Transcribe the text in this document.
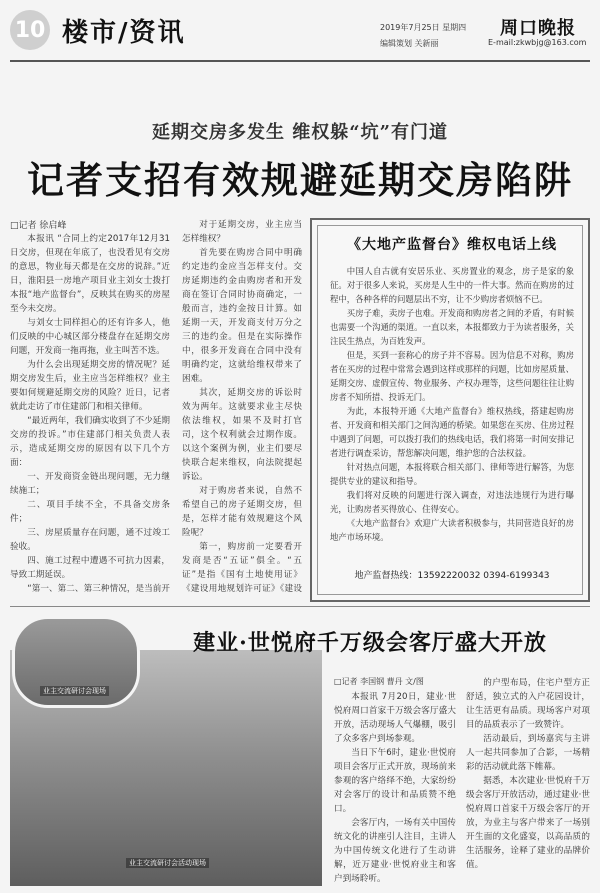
10 楼市/资讯	2019年7月25日 星期四 周口晚报
编辑策划 关新丽	E-mail:zkwbjg@163.com
延期交房多发生 维权躲“坑”有门道
记者支招有效规避延期交房陷阱
□记者 徐启峰

本报讯 “合同上约定2017年12月31日交房，但现在年底了，也没看见有交房的意思，物业每天都是在交房的说辞。”近日，淮阳县一房地产项目业主刘女士拨打本报“地产监督台”，反映其在购买的房屋至今未交房。

与刘女士同样担心的还有许多人，他们反映的中心城区部分楼盘存在延期交房问题，开发商一拖再拖，业主叫苦不迭。

为什么会出现延期交房的情况呢？延期交房发生后，业主应当怎样维权？业主要如何规避延期交房的风险？近日，记者就此走访了市住建部门和相关律师。

“最近两年，我们确实收到了不少延期交房的投诉。”市住建部门相关负责人表示，造成延期交房的原因有以下几个方面：

一、开发商资金链出现问题，无力继续施工；

二、项目手续不全，不具备交房条件；

三、房屋质量存在问题，通不过竣工验收。

四、施工过程中遭遇不可抗力因素，导致工期延误。

“第一、第二、第三种情况，是当前开

对于延期交房，业主应当怎样维权？

首先要在购房合同中明确约定违约金应当怎样支付。交房延期违约金由购房者和开发商在签订合同时协商确定，一般而言，违约金按日计算。如延期一天，开发商支付万分之三的违约金。但是在实际操作中，很多开发商在合同中没有明确约定，这就给维权带来了困难。

其次，延期交房的诉讼时效为两年。这就要求业主尽快依法维权，如果不及时打官司，这个权利就会过期作废。以这个案例为例，业主们要尽快联合起来维权，向法院提起诉讼。

对于购房者来说，自然不希望自己的房子延期交房，但是，怎样才能有效规避这个风险呢？

第一，购房前一定要看开发商是否“五证”俱全。“五证”是指《国有土地使用证》《建设用地规划许可证》《建设

《大地产监督台》维权电话上线

中国人自古就有安居乐业、买房置业的观念，房子是家的象征。对于很多人来说，买房是人生中的一件大事。然而在购房的过程中，各种各样的问题层出不穷，让不少购房者烦恼不已。

买房子难，卖房子也难。开发商和购房者之间的矛盾，有时候也需要一个沟通的渠道。一直以来，本报都致力于为读者服务，关注民生热点，为百姓发声。

但是，买到一套称心的房子并不容易。因为信息不对称，购房者在买房的过程中常常会遇到这样或那样的问题，比如房屋质量、延期交房、虚假宣传、物业服务、产权办理等，这些问题往往让购房者不知所措、投诉无门。

为此，本报特开通《大地产监督台》维权热线，搭建起购房者、开发商和相关部门之间沟通的桥梁。如果您在买房、住房过程中遇到了问题，可以拨打我们的热线电话，我们将第一时间安排记者进行调查采访，帮您解决问题，维护您的合法权益。

针对热点问题，本报将联合相关部门、律师等进行解答，为您提供专业的建议和指导。

我们将对反映的问题进行深入调查，对违法违规行为进行曝光，让购房者买得放心、住得安心。

《大地产监督台》欢迎广大读者积极参与，共同营造良好的房地产市场环境。

地产监督热线：13592220032 0394-6199343
业主交流研讨会现场
业主交流研讨会活动现场
建业·世悦府千万级会客厅盛大开放
□记者 李国钢 曹丹 文/图

本报讯 7月20日，建业·世悦府周口首家千万级会客厅盛大开放，活动现场人气爆棚，吸引了众多客户到场参观。

当日下午6时，建业·世悦府项目会客厅正式开放，现场前来参观的客户络绎不绝，大家纷纷对会客厅的设计和品质赞不绝口。

会客厅内，一场有关中国传统文化的讲座引人注目，主讲人为中国传统文化进行了生动讲解，近万建业·世悦府业主和客户到场聆听。

的户型布局，住宅户型方正舒适，独立式的入户花园设计，让生活更有品质。现场客户对项目的品质表示了一致赞许。

活动最后，到场嘉宾与主讲人一起共同参加了合影，一场精彩的活动就此落下帷幕。

据悉，本次建业·世悦府千万级会客厅开放活动，通过建业·世悦府周口首家千万级会客厅的开放，为业主与客户带来了一场别开生面的文化盛宴，以高品质的生活服务，诠释了建业的品牌价值。
